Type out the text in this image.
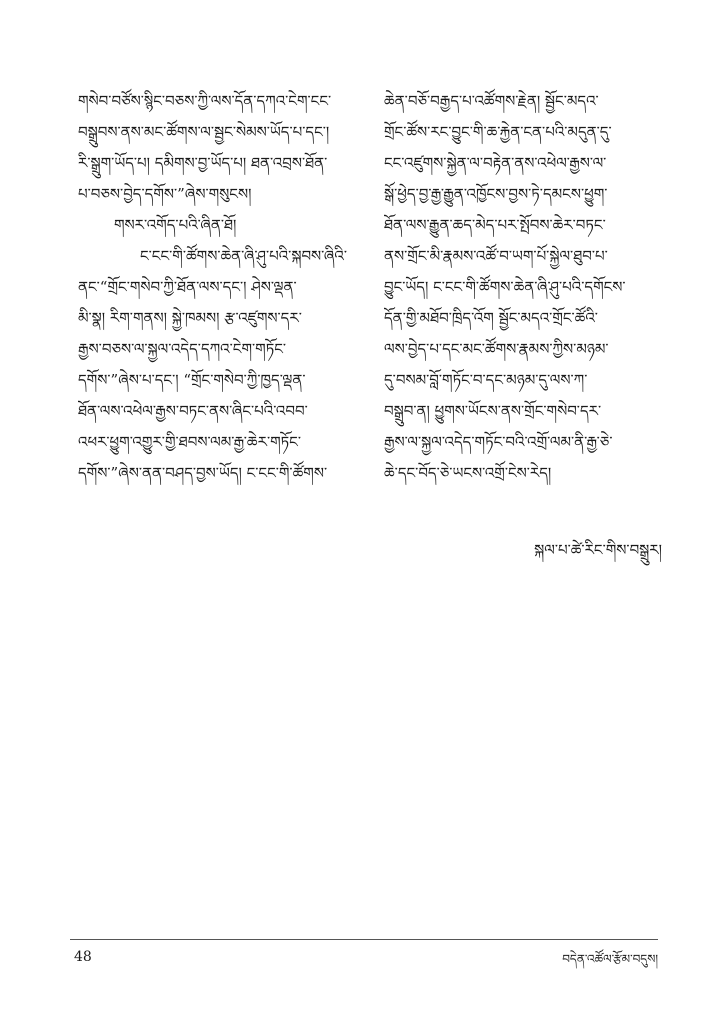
གསེབ་བཙོས་སྙིང་བཅས་ཀྱི་ལས་དོན་དཀའ་ངེག་ངང་
བསྒྲུབས་ནས་མང་ཚོགས་ལ་སྦྱང་སེམས་ཡོད་པ་དང་།
རི་སྒྲུག་ཡོད་པ། དམིགས་བྱ་ཡོད་པ། ཐན་འབྲས་ཐོན་
པ་བཅས་བྱེད་དགོས་”ཞེས་གསུངས།
གསར་འགོད་པའི་ཞིན་ཐོ།
ང་ངང་གི་ཚོགས་ཆེན་ཞི་ཤུ་པའི་སྐབས་ཞིའི་
ནང་“གྲོང་གསེབ་ཀྱི་ཐོན་ལས་དང་། ཤེས་ལྡན་
མི་སྣ། རིག་གནས། སྐྱེ་ཁམས། རྩ་འཛུགས་དར་
རྒྱས་བཅས་ལ་སྐྱལ་འདེད་དཀའ་ངེག་གཏོང་
དགོས་”ཞེས་པ་དང་། “གྲོང་གསེབ་ཀྱི་ཁྱད་ལྡན་
ཐོན་ལས་འཕེལ་རྒྱས་བཏང་ནས་ཞིང་པའི་འབབ་
འཕར་ཕྱུག་འགྱུར་གྱི་ཐབས་ལམ་རྒྱ་ཆེར་གཏོང་
དགོས་”ཞེས་ནན་བཤད་བྱས་ཡོད། ང་ངང་གི་ཚོགས་
ཆེན་བཅོ་བརྒྱད་པ་འཚོགས་རྗེན། སྦྱོང་མདའ་
གྲོང་ཚོས་རང་བྱུང་གི་ཆ་རྐྱེན་ངན་པའི་མདུན་དུ་
ངང་འཛུགས་སྐྱེན་ལ་བརྟེན་ནས་འཕེལ་རྒྱས་ལ་
སྒོ་ཕྱེད་བྱ་རྒྱ་རྒྱུན་འཁྱོངས་བྱས་ཏེ་དམངས་ཕྱུག་
ཐོན་ལས་རྒྱུན་ཆད་མེད་པར་སྤོབས་ཆེར་བཏང་
ནས་གྲོང་མི་རྣམས་འཚོ་བ་ཡག་པོ་སྐྱེལ་ཐུབ་པ་
བྱུང་ཡོད། ང་ངང་གི་ཚོགས་ཆེན་ཞི་ཤུ་པའི་དགོངས་
དོན་གྱི་མཐོབ་ཁྲིད་འོག སྦྱོང་མདའ་གྲོང་ཚོའི་
ལས་བྱེད་པ་དང་མང་ཚོགས་རྣམས་ཀྱིས་མཉམ་
དུ་བསམ་བློ་གཏོང་བ་དང་མཉམ་དུ་ལས་ཀ་
བསྒྲུབ་ན། ཕྱུགས་ཡོངས་ནས་གྲོང་གསེབ་དར་
རྒྱས་ལ་སྐྱལ་འདེད་གཏོང་བའི་འགྲོ་ལམ་ནི་རྒྱ་ཅེ་
ཆེ་དང་བོད་ཅེ་ཡངས་འགྲོ་ངེས་རེད།
སྐལ་པ་ཚེ་རིང་གིས་བསྒྲུར།
48	བདེན་འཚོལ་རྩོམ་བདུས།
